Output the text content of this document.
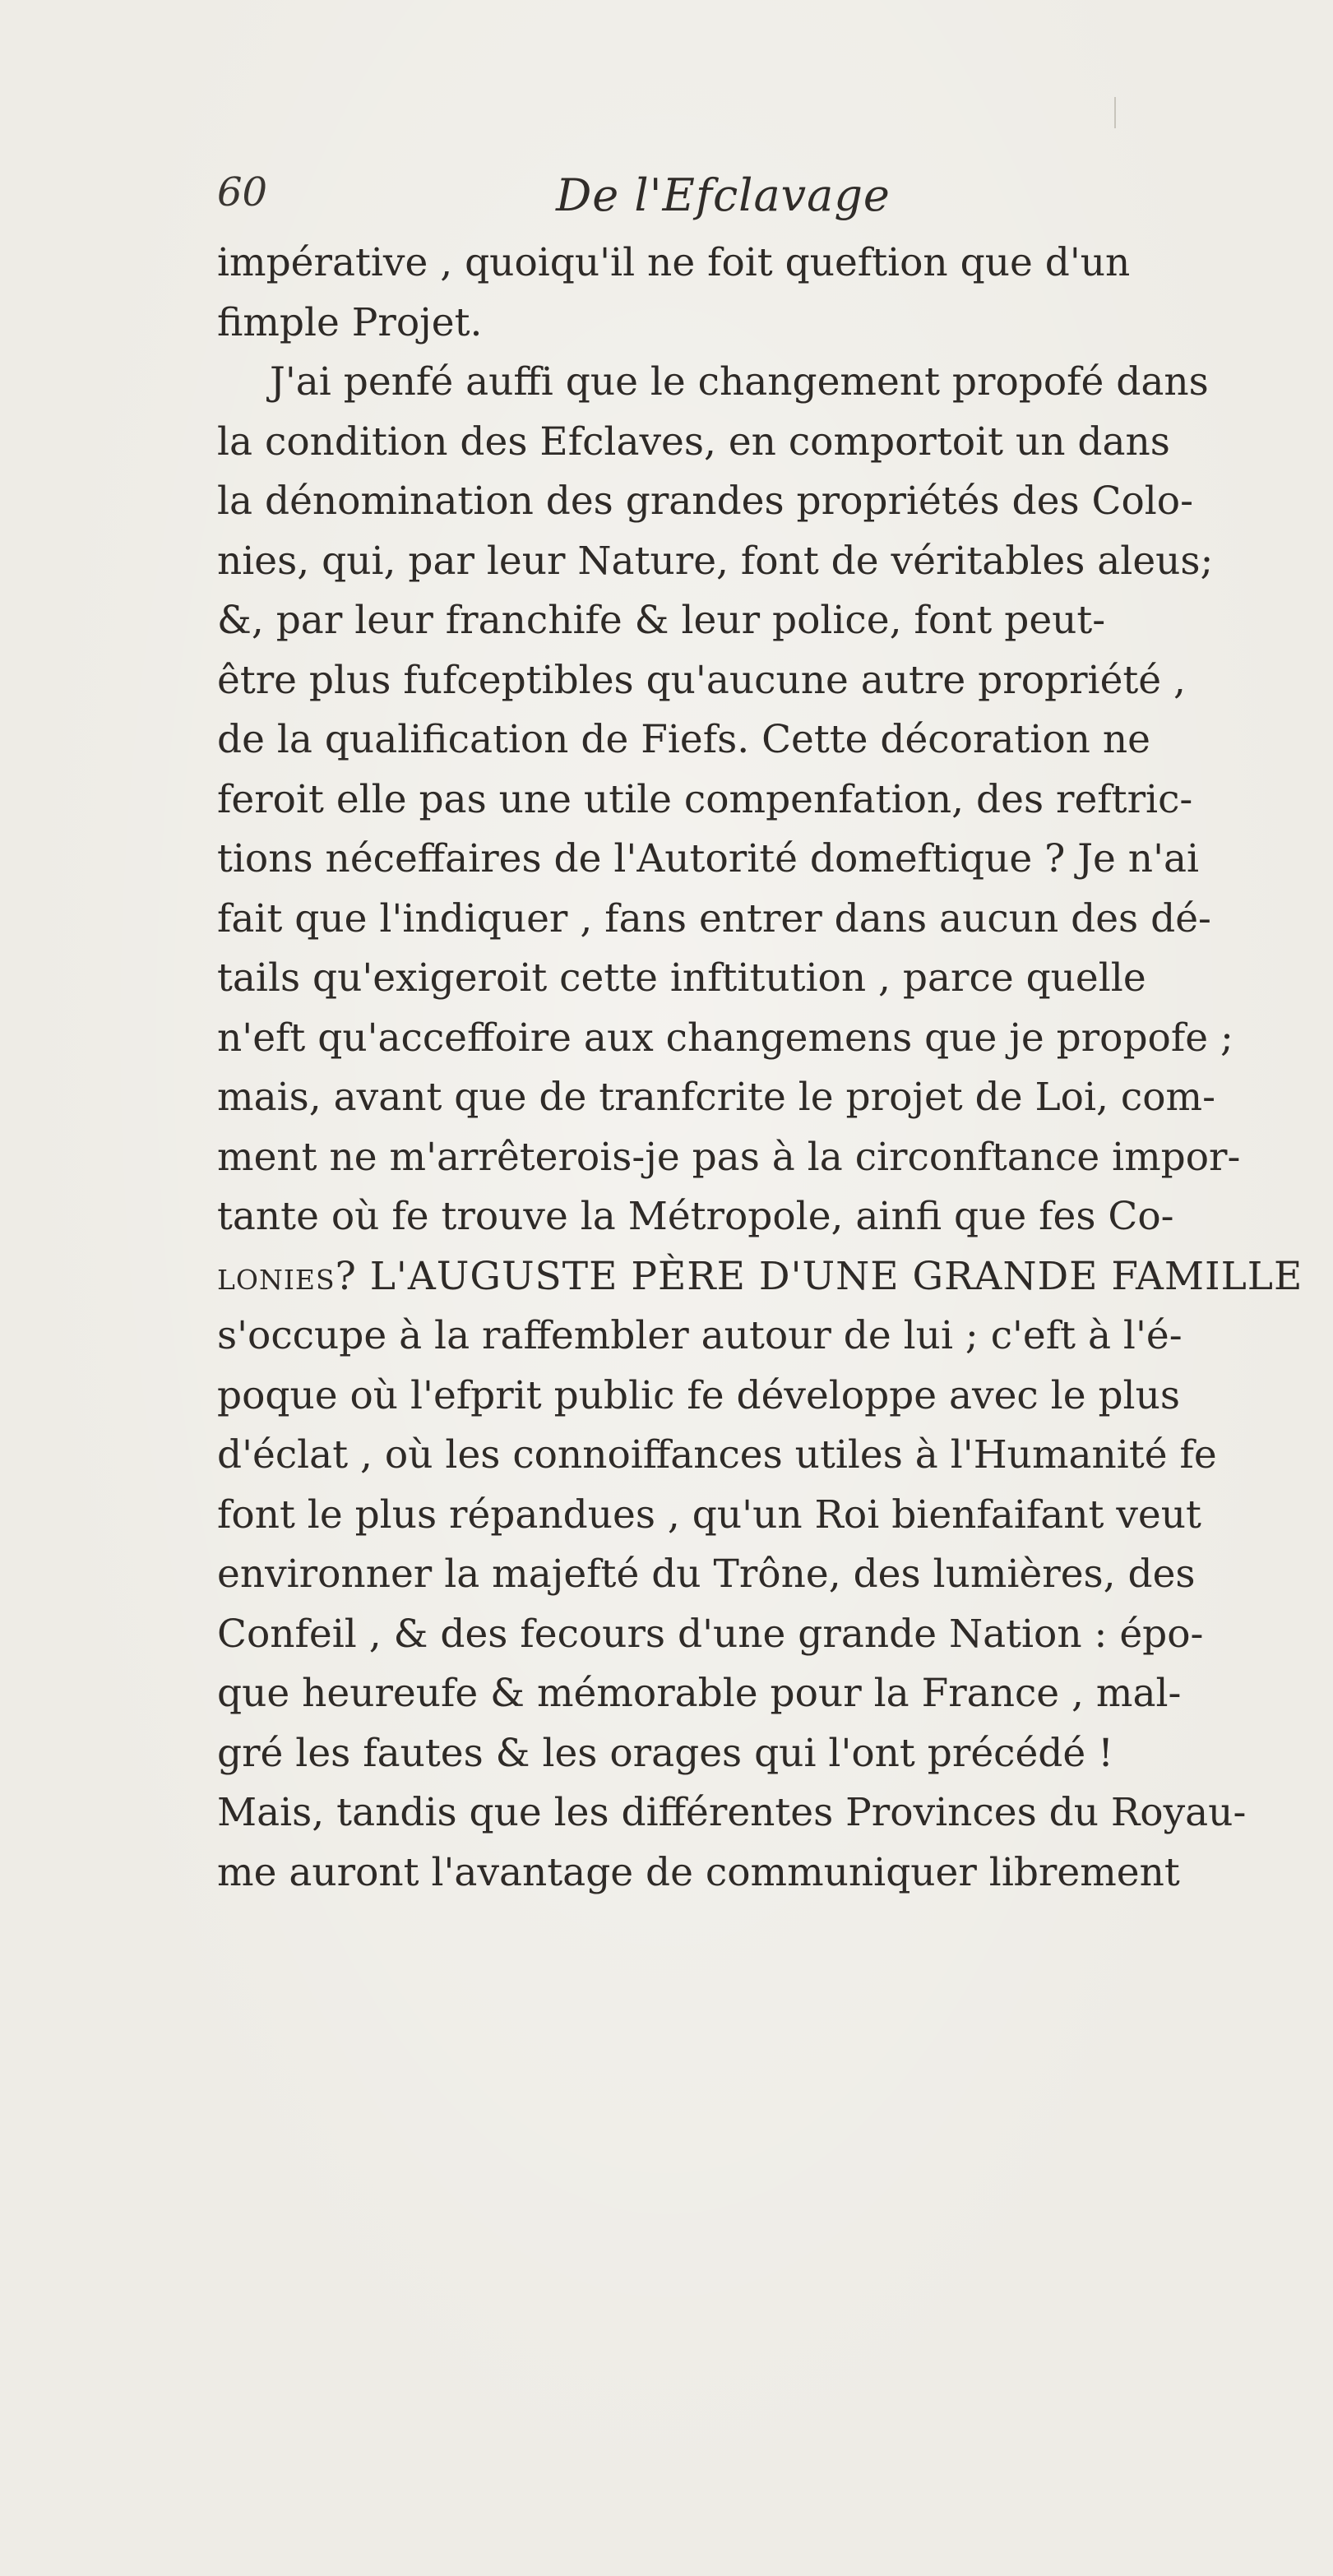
60	De l'Efclavage
impérative , quoiqu'il ne foit queftion que d'un
fimple Projet.
J'ai penfé auffi que le changement propofé dans
la condition des Efclaves, en comportoit un dans
la dénomination des grandes propriétés des Colo-
nies, qui, par leur Nature, font de véritables aleus;
&, par leur franchife & leur police, font peut-
être plus fufceptibles qu'aucune autre propriété ,
de la qualification de Fiefs. Cette décoration ne
feroit elle pas une utile compenfation, des reftric-
tions néceffaires de l'Autorité domeftique ? Je n'ai
fait que l'indiquer , fans entrer dans aucun des dé-
tails qu'exigeroit cette inftitution , parce quelle
n'eft qu'acceffoire aux changemens que je propofe ;
mais, avant que de tranfcrite le projet de Loi, com-
ment ne m'arrêterois-je pas à la circonftance impor-
tante où fe trouve la Métropole, ainfi que fes Co-
lonies? L'AUGUSTE PÈRE D'UNE GRANDE FAMILLE
s'occupe à la raffembler autour de lui ; c'eft à l'é-
poque où l'efprit public fe développe avec le plus
d'éclat , où les connoiffances utiles à l'Humanité fe
font le plus répandues , qu'un Roi bienfaifant veut
environner la majefté du Trône, des lumières, des
Confeil , & des fecours d'une grande Nation : épo-
que heureufe & mémorable pour la France , mal-
gré les fautes & les orages qui l'ont précédé !
Mais, tandis que les différentes Provinces du Royau-
me auront l'avantage de communiquer librement
